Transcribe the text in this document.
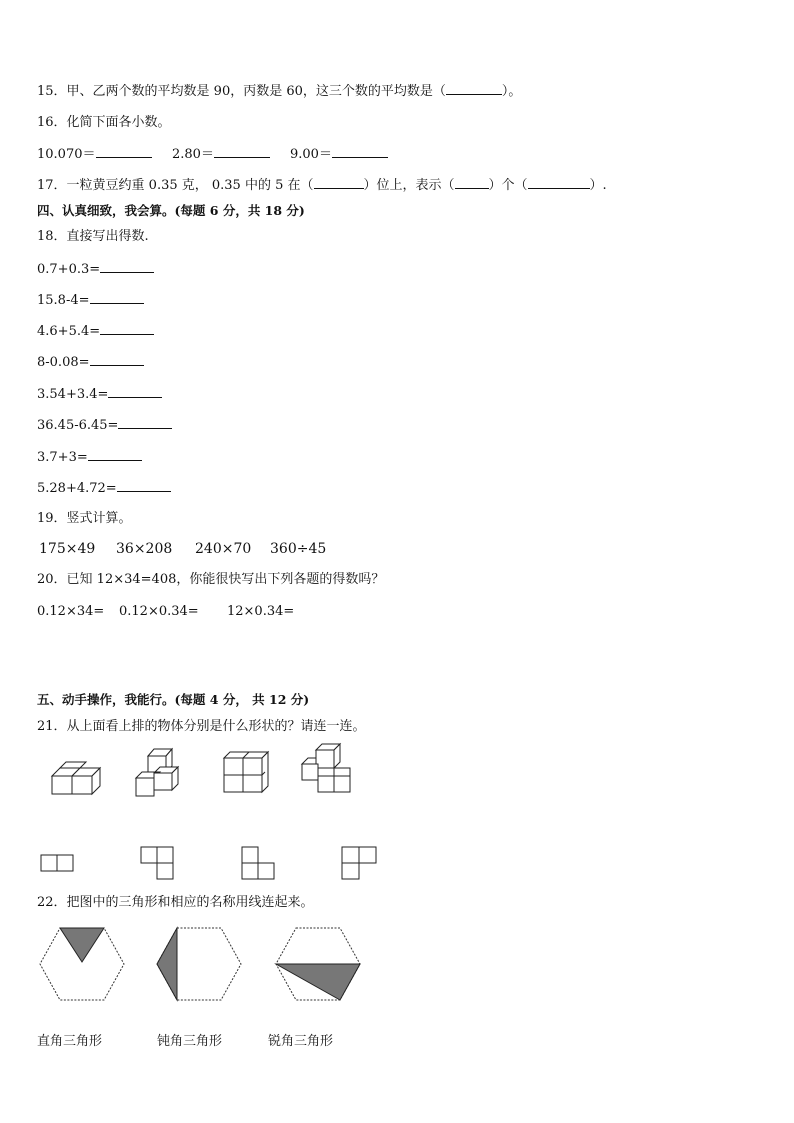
15．甲、乙两个数的平均数是 90，丙数是 60，这三个数的平均数是（	）。
16．化简下面各小数。
10.070＝	2.80＝	9.00＝
17．一粒黄豆约重 0.35 克， 0.35 中的 5 在（	）位上，表示（	）个（	）.
四、认真细致，我会算。(每题 6 分，共 18 分)
18．直接写出得数.
0.7+0.3=
15.8-4=
4.6+5.4=
8-0.08=
3.54+3.4=
36.45-6.45=
3.7+3=
5.28+4.72=
19．竖式计算。
175×49 36×208 240×70 360÷45
20．已知 12×34=408，你能很快写出下列各题的得数吗？
0.12×34= 0.12×0.34= 12×0.34=
五、动手操作，我能行。(每题 4 分， 共 12 分)
21．从上面看上排的物体分别是什么形状的？请连一连。
22．把图中的三角形和相应的名称用线连起来。
直角三角形	钝角三角形	锐角三角形
